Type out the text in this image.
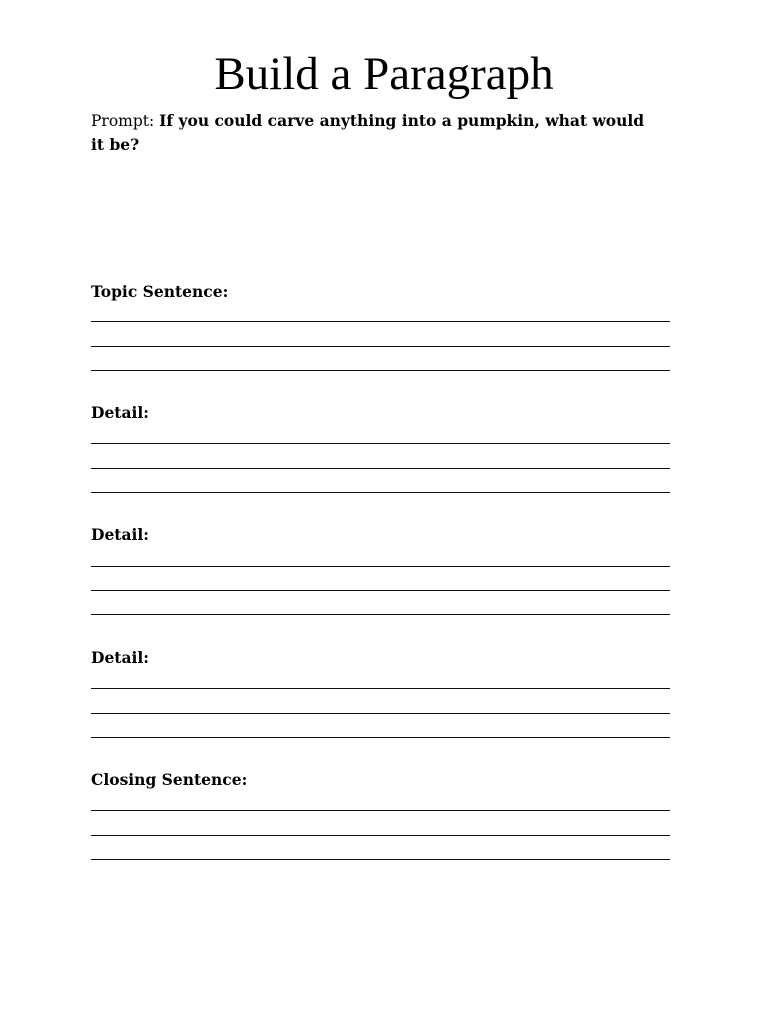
Build a Paragraph

Prompt: If you could carve anything into a pumpkin, what would it be?

Topic Sentence:
Detail:
Detail:
Detail:
Closing Sentence:
